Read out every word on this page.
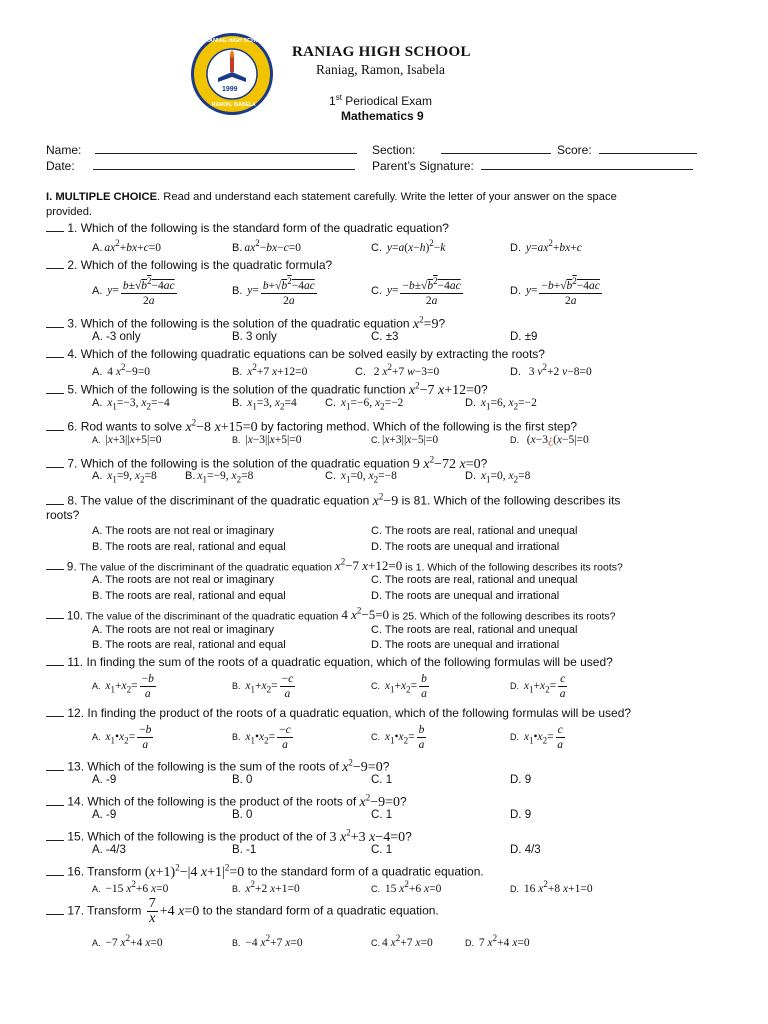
1999
RANIAG HIGH SCHOOL
RAMON, ISABELA
RANIAG HIGH SCHOOL
Raniag, Ramon, Isabela
1st Periodical Exam
Mathematics 9
Name:	Section:	Score:
Date:	Parent’s Signature:
I. MULTIPLE CHOICE. Read and understand each statement carefully. Write the letter of your answer on the space
provided.
1. Which of the following is the standard form of the quadratic equation?
A. $ax^2+bx+c=0$	B. $ax^2-bx-c=0$	C. $y=a(x-h)^2-k$	D. $y=ax^2+bx+c$
2. Which of the following is the quadratic formula?
A. $y= \frac{b\pm√b^2-4ac}{2a}$	B. $y= \frac{b+√b^2-4ac}{2a}$	C. $y= \frac{-b\pm√b^2-4ac}{2a}$	D. $y= \frac{-b+√b^2-4ac}{2a}$
3. Which of the following is the solution of the quadratic equation $x^2=9$?
A. -3 only	B. 3 only	C. ±3	D. ±9
4. Which of the following quadratic equations can be solved easily by extracting the roots?
A. 4 $x^2-9=0$	B. $x^2+7$ x+12=0	C.  2 $x^2+7$ w−3=0	D.  3 $v^2+2$ v−8=0
5. Which of the following is the solution of the quadratic function $x^2-7$ x+12=0?
A. $x_1=-3$, $x_2=-4$	B. $x_1=3$, $x_2=4$	C. $x_1=-6$, $x_2=-2$	D. $x_1=6$, $x_2=-2$
6. Rod wants to solve $x^2-8$ x+15=0 by factoring method. Which of the following is the first step?
A. |x+3||x+5|=0	B. |x−3||x+5|=0	C. |x+3||x−5|=0	D.  (x−3¿(x−5|=0
7. Which of the following is the solution of the quadratic equation 9 $x^2-72$ x=0?
A. $x_1=9$, $x_2=8$	B. $x_1=-9$, $x_2=8$	C. $x_1=0$, $x_2=-8$	D. $x_1=0$, $x_2=8$
8. The value of the discriminant of the quadratic equation $x^2-9$ is 81. Which of the following describes its
roots?
A. The roots are not real or imaginary	C. The roots are real, rational and unequal
B. The roots are real, rational and equal	D. The roots are unequal and irrational
9. The value of the discriminant of the quadratic equation $x^2-7$ x+12=0 is 1. Which of the following describes its roots?
A. The roots are not real or imaginary	C. The roots are real, rational and unequal
B. The roots are real, rational and equal	D. The roots are unequal and irrational
10. The value of the discriminant of the quadratic equation 4 $x^2-5=0$ is 25. Which of the following describes its roots?
A. The roots are not real or imaginary	C. The roots are real, rational and unequal
B. The roots are real, rational and equal	D. The roots are unequal and irrational
11. In finding the sum of the roots of a quadratic equation, which of the following formulas will be used?
A. $x_1+x_2= \frac{-b}{a}$	B. $x_1+x_2= \frac{-c}{a}$	C. $x_1+x_2= \frac{b}{a}$	D. $x_1+x_2= \frac{c}{a}$
12. In finding the product of the roots of a quadratic equation, which of the following formulas will be used?
A. $x_1•x_2= \frac{-b}{a}$	B. $x_1•x_2= \frac{-c}{a}$	C. $x_1•x_2= \frac{b}{a}$	D. $x_1•x_2= \frac{c}{a}$
13. Which of the following is the sum of the roots of $x^2-9=0$?
A. -9	B. 0	C. 1	D. 9
14. Which of the following is the product of the roots of $x^2-9=0$?
A. -9	B. 0	C. 1	D. 9
15. Which of the following is the product of the of 3 $x^2+3$ x−4=0?
A. -4/3	B. -1	C. 1	D. 4/3
16. Transform $(x+1)^2-|4$ $x+1|^2=0$ to the standard form of a quadratic equation.
A. −15 $x^2+6$ x=0	B. $x^2+2$ x+1=0	C. 15 $x^2+6$ x=0	D. 16 $x^2+8$ x+1=0
17. Transform $\frac{7}{x} +4$ x=0 to the standard form of a quadratic equation.
A. −7 $x^2+4$ x=0	B. −4 $x^2+7$ x=0	C. 4 $x^2+7$ x=0	D. 7 $x^2+4$ x=0
